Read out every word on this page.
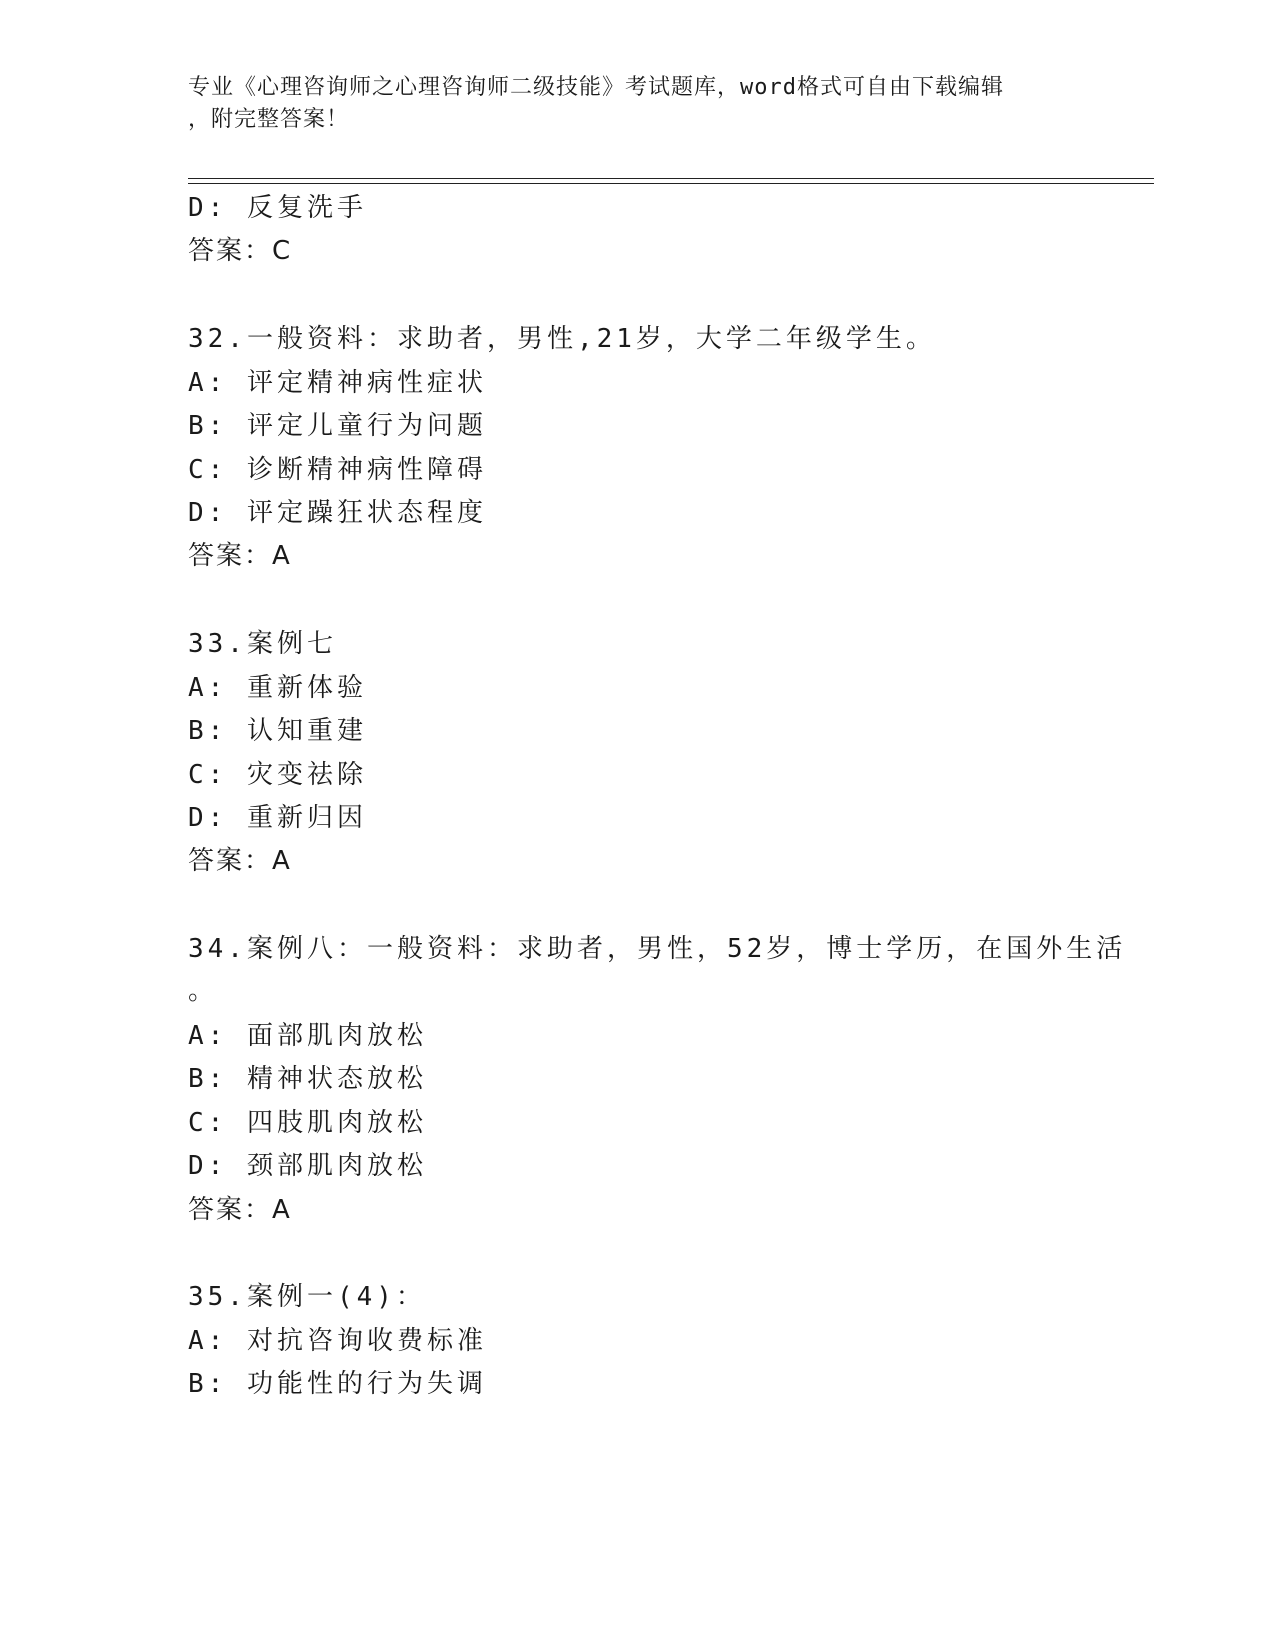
专业《心理咨询师之心理咨询师二级技能》考试题库，word格式可自由下载编辑
，附完整答案！
D: 反复洗手
答案：C
32.一般资料：求助者，男性,21岁，大学二年级学生。
A: 评定精神病性症状
B: 评定儿童行为问题
C: 诊断精神病性障碍
D: 评定躁狂状态程度
答案：A
33.案例七
A: 重新体验
B: 认知重建
C: 灾变祛除
D: 重新归因
答案：A
34.案例八：一般资料：求助者，男性，52岁，博士学历，在国外生活
。
A: 面部肌肉放松
B: 精神状态放松
C: 四肢肌肉放松
D: 颈部肌肉放松
答案：A
35.案例一(4)：
A: 对抗咨询收费标准
B: 功能性的行为失调
